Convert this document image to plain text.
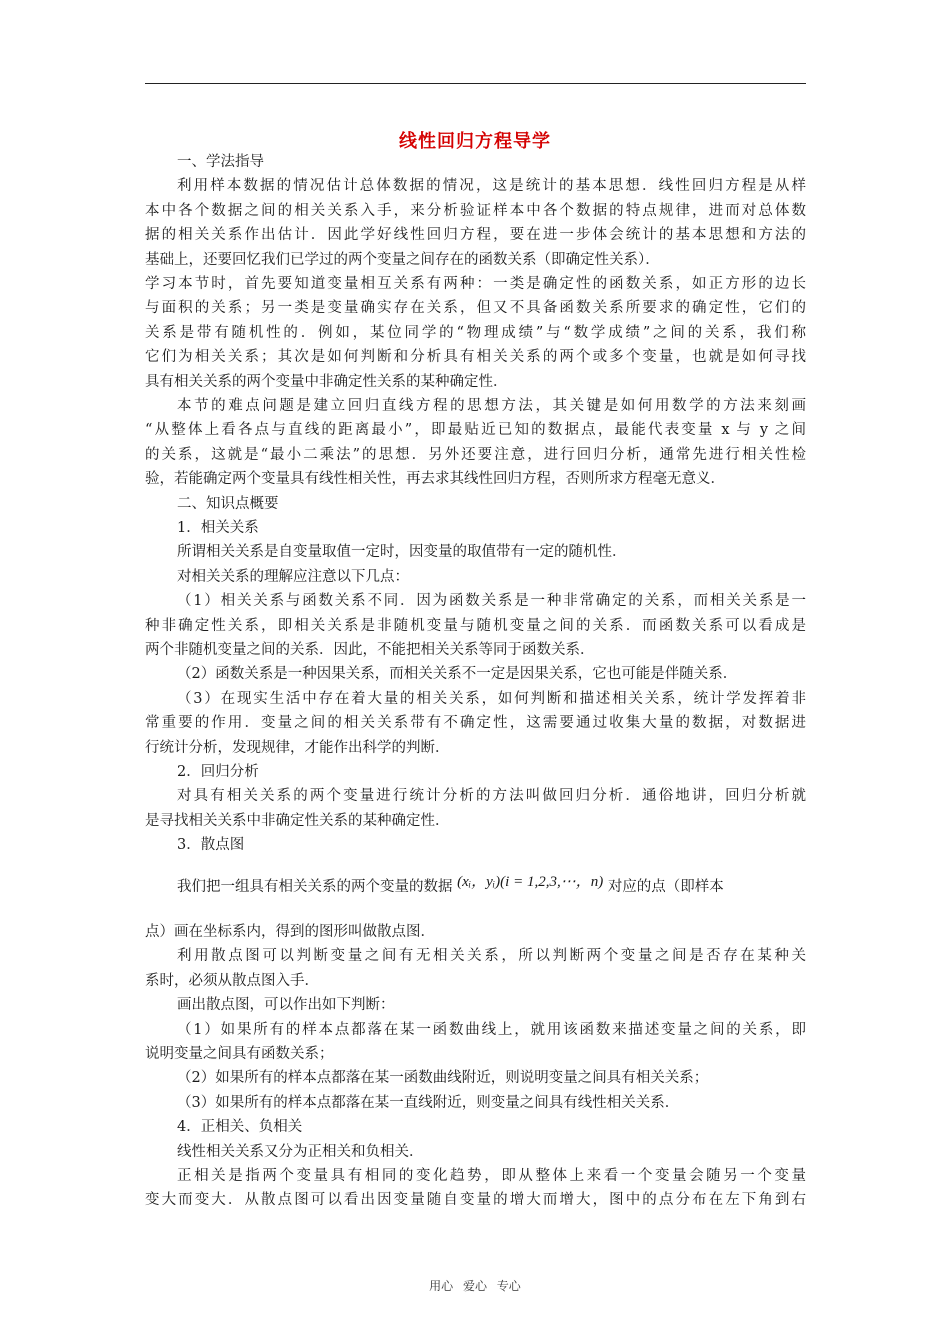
线性回归方程导学
一、学法指导
利用样本数据的情况估计总体数据的情况，这是统计的基本思想．线性回归方程是从样
本中各个数据之间的相关关系入手，来分析验证样本中各个数据的特点规律，进而对总体数
据的相关关系作出估计．因此学好线性回归方程，要在进一步体会统计的基本思想和方法的
基础上，还要回忆我们已学过的两个变量之间存在的函数关系（即确定性关系）．
学习本节时，首先要知道变量相互关系有两种：一类是确定性的函数关系，如正方形的边长
与面积的关系；另一类是变量确实存在关系，但又不具备函数关系所要求的确定性，它们的
关系是带有随机性的．例如，某位同学的“物理成绩”与“数学成绩”之间的关系，我们称
它们为相关关系；其次是如何判断和分析具有相关关系的两个或多个变量，也就是如何寻找
具有相关关系的两个变量中非确定性关系的某种确定性．
本节的难点问题是建立回归直线方程的思想方法，其关键是如何用数学的方法来刻画
“从整体上看各点与直线的距离最小”，即最贴近已知的数据点，最能代表变量 x 与 y 之间
的关系，这就是“最小二乘法”的思想．另外还要注意，进行回归分析，通常先进行相关性检
验，若能确定两个变量具有线性相关性，再去求其线性回归方程，否则所求方程毫无意义．
二、知识点概要
1．相关关系
所谓相关关系是自变量取值一定时，因变量的取值带有一定的随机性．
对相关关系的理解应注意以下几点：
（1）相关关系与函数关系不同．因为函数关系是一种非常确定的关系，而相关关系是一
种非确定性关系，即相关关系是非随机变量与随机变量之间的关系．而函数关系可以看成是
两个非随机变量之间的关系．因此，不能把相关关系等同于函数关系．
（2）函数关系是一种因果关系，而相关关系不一定是因果关系，它也可能是伴随关系．
（3）在现实生活中存在着大量的相关关系，如何判断和描述相关关系，统计学发挥着非
常重要的作用．变量之间的相关关系带有不确定性，这需要通过收集大量的数据，对数据进
行统计分析，发现规律，才能作出科学的判断．
2．回归分析
对具有相关关系的两个变量进行统计分析的方法叫做回归分析．通俗地讲，回归分析就
是寻找相关关系中非确定性关系的某种确定性．
3．散点图
我们把一组具有相关关系的两个变量的数据 (xᵢ，yᵢ)(i = 1,2,3,⋯，n) 对应的点（即样本
点）画在坐标系内，得到的图形叫做散点图．
利用散点图可以判断变量之间有无相关关系，所以判断两个变量之间是否存在某种关
系时，必须从散点图入手．
画出散点图，可以作出如下判断：
（1）如果所有的样本点都落在某一函数曲线上，就用该函数来描述变量之间的关系，即
说明变量之间具有函数关系；
（2）如果所有的样本点都落在某一函数曲线附近，则说明变量之间具有相关关系；
（3）如果所有的样本点都落在某一直线附近，则变量之间具有线性相关关系．
4．正相关、负相关
线性相关关系又分为正相关和负相关．
正相关是指两个变量具有相同的变化趋势，即从整体上来看一个变量会随另一个变量
变大而变大．从散点图可以看出因变量随自变量的增大而增大，图中的点分布在左下角到右
用心 爱心 专心
